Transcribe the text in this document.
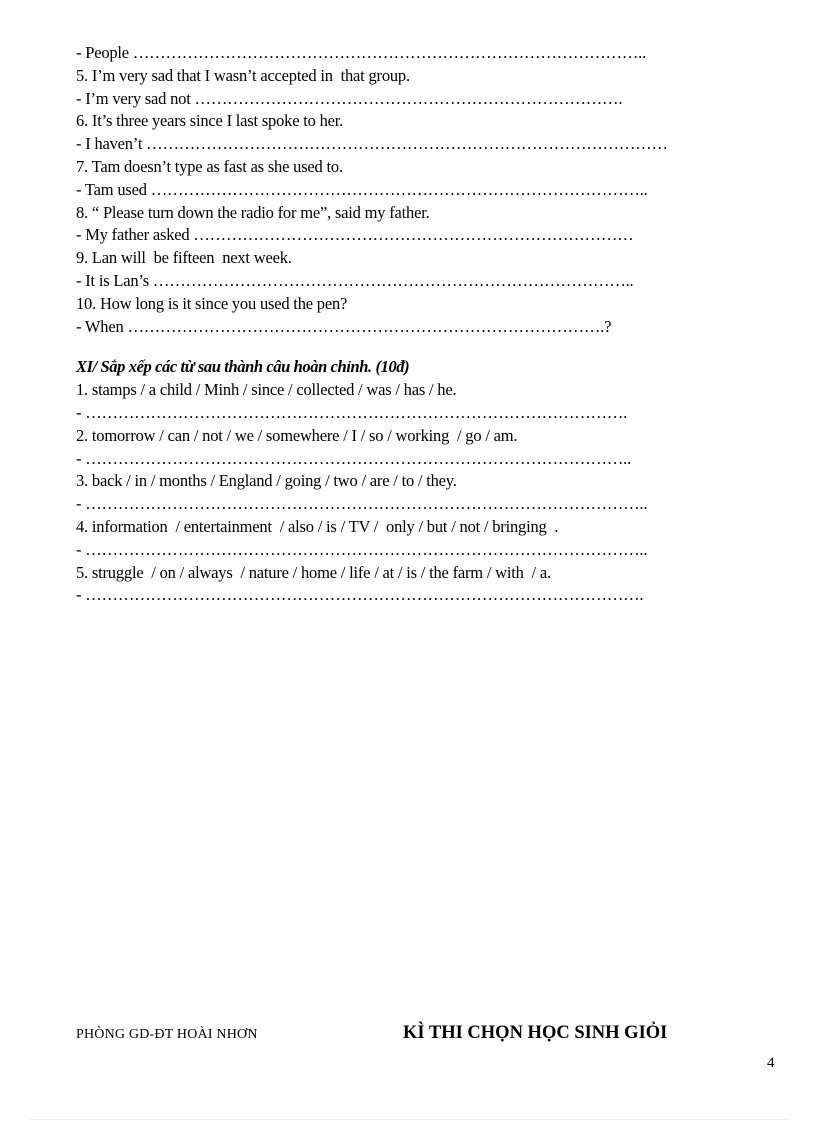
- People …………………………………………………………………………………..
5. I’m very sad that I wasn’t accepted in  that group.
- I’m very sad not …………………………………………………………………….
6. It’s three years since I last spoke to her.
- I haven’t ……………………………………………………………………………………
7. Tam doesn’t type as fast as she used to.
- Tam used ………………………………………………………………………………..
8. “ Please turn down the radio for me”, said my father.
- My father asked ………………………………………………………………………
9. Lan will  be fifteen  next week.
- It is Lan’s ……………………………………………………………………………..
10. How long is it since you used the pen?
- When …………………………………………………………………………….?
XI/ Sắp xếp các từ sau thành câu hoàn chỉnh. (10đ)
1. stamps / a child / Minh / since / collected / was / has / he.
- ……………………………………………………………………………………….
2. tomorrow / can / not / we / somewhere / I / so / working  / go / am.
- ………………………………………………………………………………………..
3. back / in / months / England / going / two / are / to / they.
- …………………………………………………………………………………………..
4. information  / entertainment  / also / is / TV /  only / but / not / bringing  .
- …………………………………………………………………………………………..
5. struggle  / on / always  / nature / home / life / at / is / the farm / with  / a.
- ………………………………………………………………………………………….
PHÒNG GD-ĐT HOÀI NHƠN	KÌ THI CHỌN HỌC SINH GIỎI
4
